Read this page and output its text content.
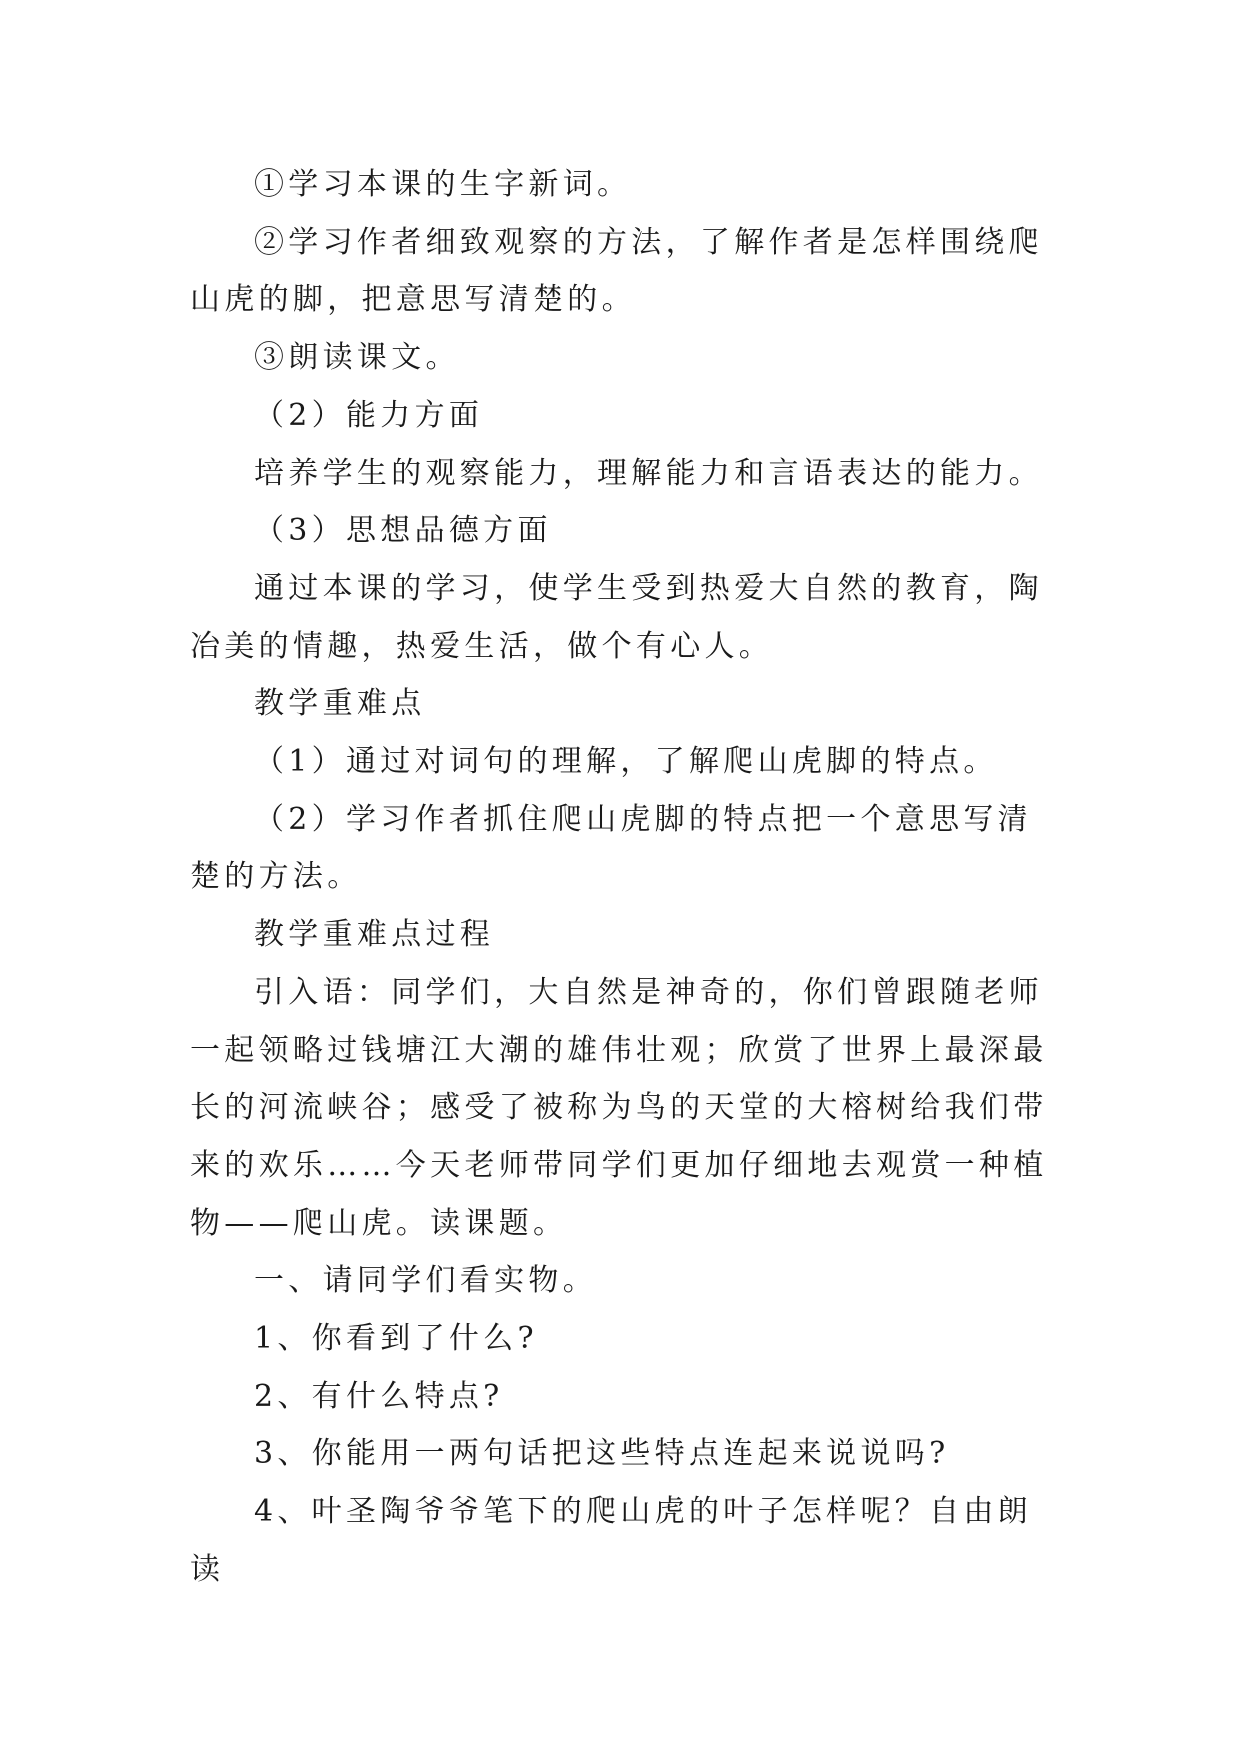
①学习本课的生字新词。

②学习作者细致观察的方法，了解作者是怎样围绕爬山虎的脚，把意思写清楚的。

③朗读课文。

（2）能力方面

培养学生的观察能力，理解能力和言语表达的能力。

（3）思想品德方面

通过本课的学习，使学生受到热爱大自然的教育，陶冶美的情趣，热爱生活，做个有心人。

教学重难点

（1）通过对词句的理解，了解爬山虎脚的特点。

（2）学习作者抓住爬山虎脚的特点把一个意思写清楚的方法。

教学重难点过程

引入语：同学们，大自然是神奇的，你们曾跟随老师一起领略过钱塘江大潮的雄伟壮观；欣赏了世界上最深最长的河流峡谷；感受了被称为鸟的天堂的大榕树给我们带来的欢乐……今天老师带同学们更加仔细地去观赏一种植物——爬山虎。读课题。

一、请同学们看实物。

1、你看到了什么?

2、有什么特点?

3、你能用一两句话把这些特点连起来说说吗?

4、叶圣陶爷爷笔下的爬山虎的叶子怎样呢？自由朗读
